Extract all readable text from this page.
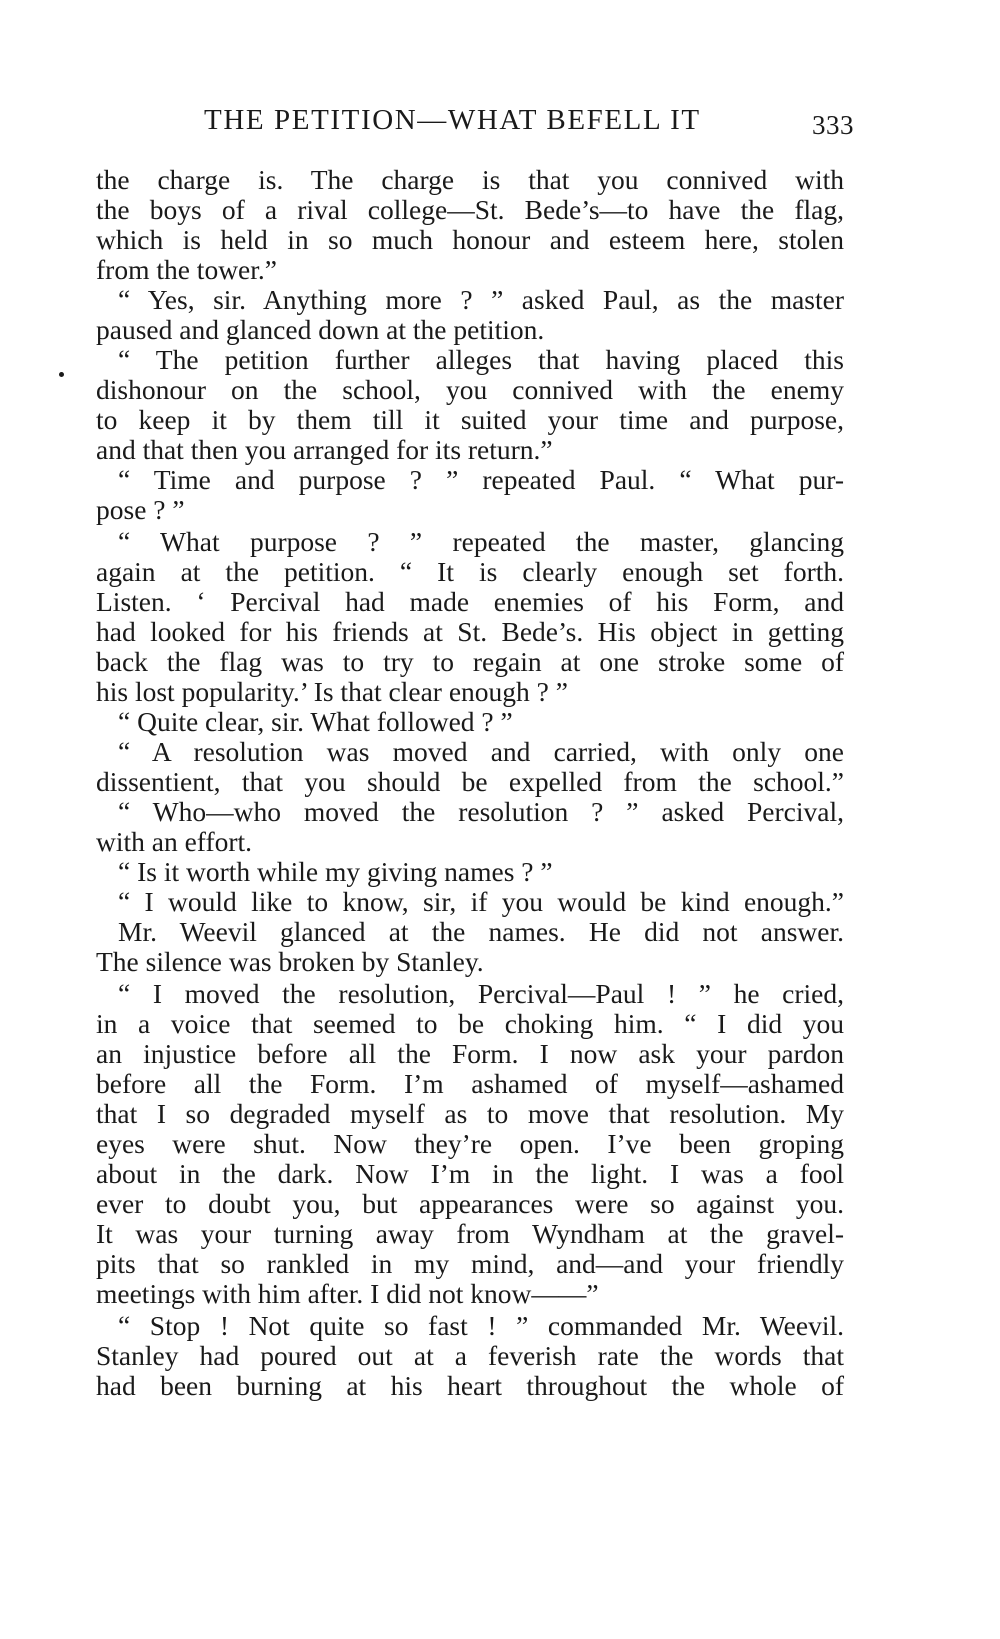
THE PETITION—WHAT BEFELL IT	333
the charge is. The charge is that you connived with
the boys of a rival college—St. Bede’s—to have the flag,
which is held in so much honour and esteem here, stolen
from the tower.”
“ Yes, sir. Anything more ? ” asked Paul, as the master
paused and glanced down at the petition.
“ The petition further alleges that having placed this
dishonour on the school, you connived with the enemy
to keep it by them till it suited your time and purpose,
and that then you arranged for its return.”
“ Time and purpose ? ” repeated Paul. “ What pur-
pose ? ”
“ What purpose ? ” repeated the master, glancing
again at the petition. “ It is clearly enough set forth.
Listen. ‘ Percival had made enemies of his Form, and
had looked for his friends at St. Bede’s. His object in getting
back the flag was to try to regain at one stroke some of
his lost popularity.’ Is that clear enough ? ”
“ Quite clear, sir. What followed ? ”
“ A resolution was moved and carried, with only one
dissentient, that you should be expelled from the school.”
“ Who—who moved the resolution ? ” asked Percival,
with an effort.
“ Is it worth while my giving names ? ”
“ I would like to know, sir, if you would be kind enough.”
Mr. Weevil glanced at the names. He did not answer.
The silence was broken by Stanley.
“ I moved the resolution, Percival—Paul ! ” he cried,
in a voice that seemed to be choking him. “ I did you
an injustice before all the Form. I now ask your pardon
before all the Form. I’m ashamed of myself—ashamed
that I so degraded myself as to move that resolution. My
eyes were shut. Now they’re open. I’ve been groping
about in the dark. Now I’m in the light. I was a fool
ever to doubt you, but appearances were so against you.
It was your turning away from Wyndham at the gravel-
pits that so rankled in my mind, and—and your friendly
meetings with him after. I did not know——”
“ Stop ! Not quite so fast ! ” commanded Mr. Weevil.
Stanley had poured out at a feverish rate the words that
had been burning at his heart throughout the whole of
